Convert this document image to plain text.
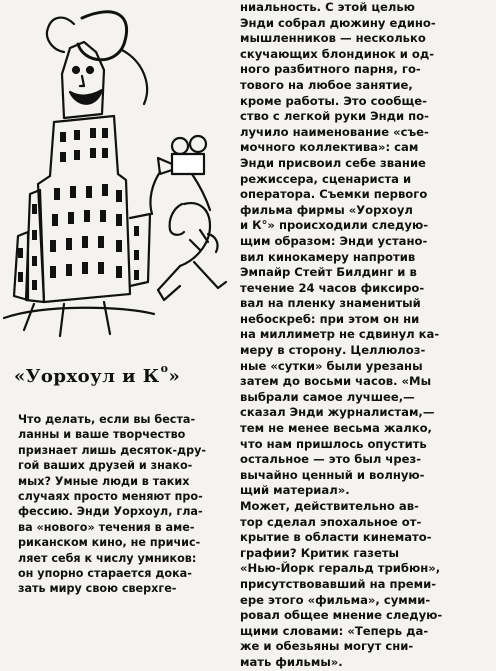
«Уорхоул и $К^о$»

Что делать, если вы беста-
ланны и ваше творчество
признает лишь десяток-дру-
гой ваших друзей и знако-
мых? Умные люди в таких
случаях просто меняют про-
фессию. Энди Уорхоул, гла-
ва «нового» течения в аме-
риканском кино, не причис-
ляет себя к числу умников:
он упорно старается дока-
зать миру свою сверхге-

ниальность. С этой целью
Энди собрал дюжину едино-
мышленников — несколько
скучающих блондинок и од-
ного разбитного парня, го-
тового на любое занятие,
кроме работы. Это сообще-
ство с легкой руки Энди по-
лучило наименование «съе-
мочного коллектива»: сам
Энди присвоил себе звание
режиссера, сценариста и
оператора. Съемки первого
фильма фирмы «Уорхоул
и К°» происходили следую-
щим образом: Энди устано-
вил кинокамеру напротив
Эмпайр Стейт Билдинг и в
течение 24 часов фиксиро-
вал на пленку знаменитый
небоскреб: при этом он ни
на миллиметр не сдвинул ка-
меру в сторону. Целлюлоз-
ные «сутки» были урезаны
затем до восьми часов. «Мы
выбрали самое лучшее,—
сказал Энди журналистам,—
тем не менее весьма жалко,
что нам пришлось опустить
остальное — это был чрез-
вычайно ценный и волную-
щий материал».
Может, действительно ав-
тор сделал эпохальное от-
крытие в области кинемато-
графии? Критик газеты
«Нью-Йорк геральд трибюн»,
присутствовавший на преми-
ере этого «фильма», сумми-
ровал общее мнение следую-
щими словами: «Теперь да-
же и обезьяны могут сни-
мать фильмы».
